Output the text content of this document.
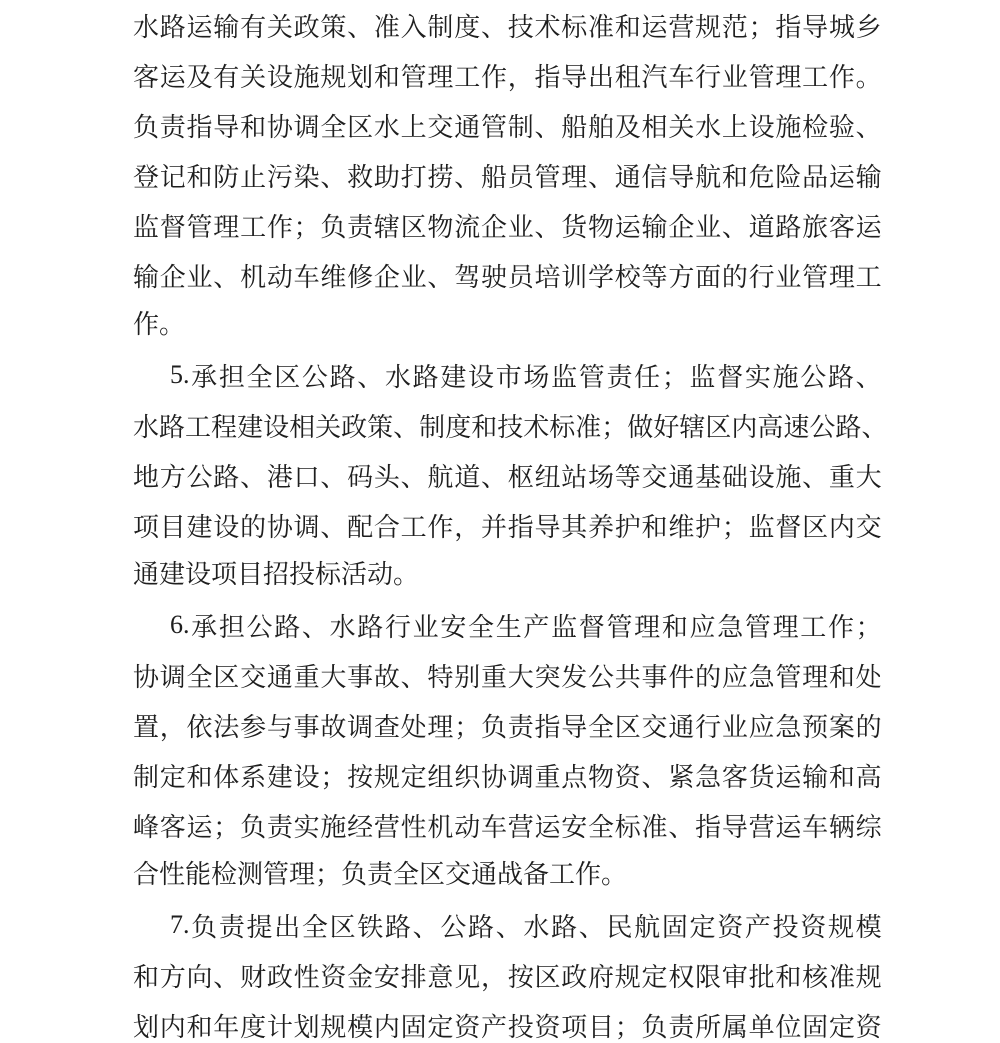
水 路 运 输 有 关 政 策 、 准 入 制 度 、 技 术 标 准 和 运 营 规 范 ； 指 导 城 乡
客 运 及 有 关 设 施 规 划 和 管 理 工 作 ， 指 导 出 租 汽 车 行 业 管 理 工 作 。
负 责 指 导 和 协 调 全 区 水 上 交 通 管 制 、 船 舶 及 相 关 水 上 设 施 检 验 、
登 记 和 防 止 污 染 、 救 助 打 捞 、 船 员 管 理 、 通 信 导 航 和 危 险 品 运 输
监 督 管 理 工 作 ； 负 责 辖 区 物 流 企 业 、 货 物 运 输 企 业 、 道 路 旅 客 运
输 企 业 、 机 动 车 维 修 企 业 、 驾 驶 员 培 训 学 校 等 方 面 的 行 业 管 理 工
作。
5. 承 担 全 区 公 路 、 水 路 建 设 市 场 监 管 责 任 ； 监 督 实 施 公 路 、
水 路 工 程 建 设 相 关 政 策 、 制 度 和 技 术 标 准 ； 做 好 辖 区 内 高 速 公 路 、
地 方 公 路 、 港 口 、 码 头 、 航 道 、 枢 纽 站 场 等 交 通 基 础 设 施 、 重 大
项 目 建 设 的 协 调 、 配 合 工 作 ， 并 指 导 其 养 护 和 维 护 ； 监 督 区 内 交
通建设项目招投标活动。
6. 承 担 公 路 、 水 路 行 业 安 全 生 产 监 督 管 理 和 应 急 管 理 工 作 ；
协 调 全 区 交 通 重 大 事 故 、 特 别 重 大 突 发 公 共 事 件 的 应 急 管 理 和 处
置 ， 依 法 参 与 事 故 调 查 处 理 ； 负 责 指 导 全 区 交 通 行 业 应 急 预 案 的
制 定 和 体 系 建 设 ； 按 规 定 组 织 协 调 重 点 物 资 、 紧 急 客 货 运 输 和 高
峰 客 运 ； 负 责 实 施 经 营 性 机 动 车 营 运 安 全 标 准 、 指 导 营 运 车 辆 综
合性能检测管理；负责全区交通战备工作。
7. 负 责 提 出 全 区 铁 路 、 公 路 、 水 路 、 民 航 固 定 资 产 投 资 规 模
和 方 向 、 财 政 性 资 金 安 排 意 见 ， 按 区 政 府 规 定 权 限 审 批 和 核 准 规
划 内 和 年 度 计 划 规 模 内 固 定 资 产 投 资 项 目 ； 负 责 所 属 单 位 固 定 资
